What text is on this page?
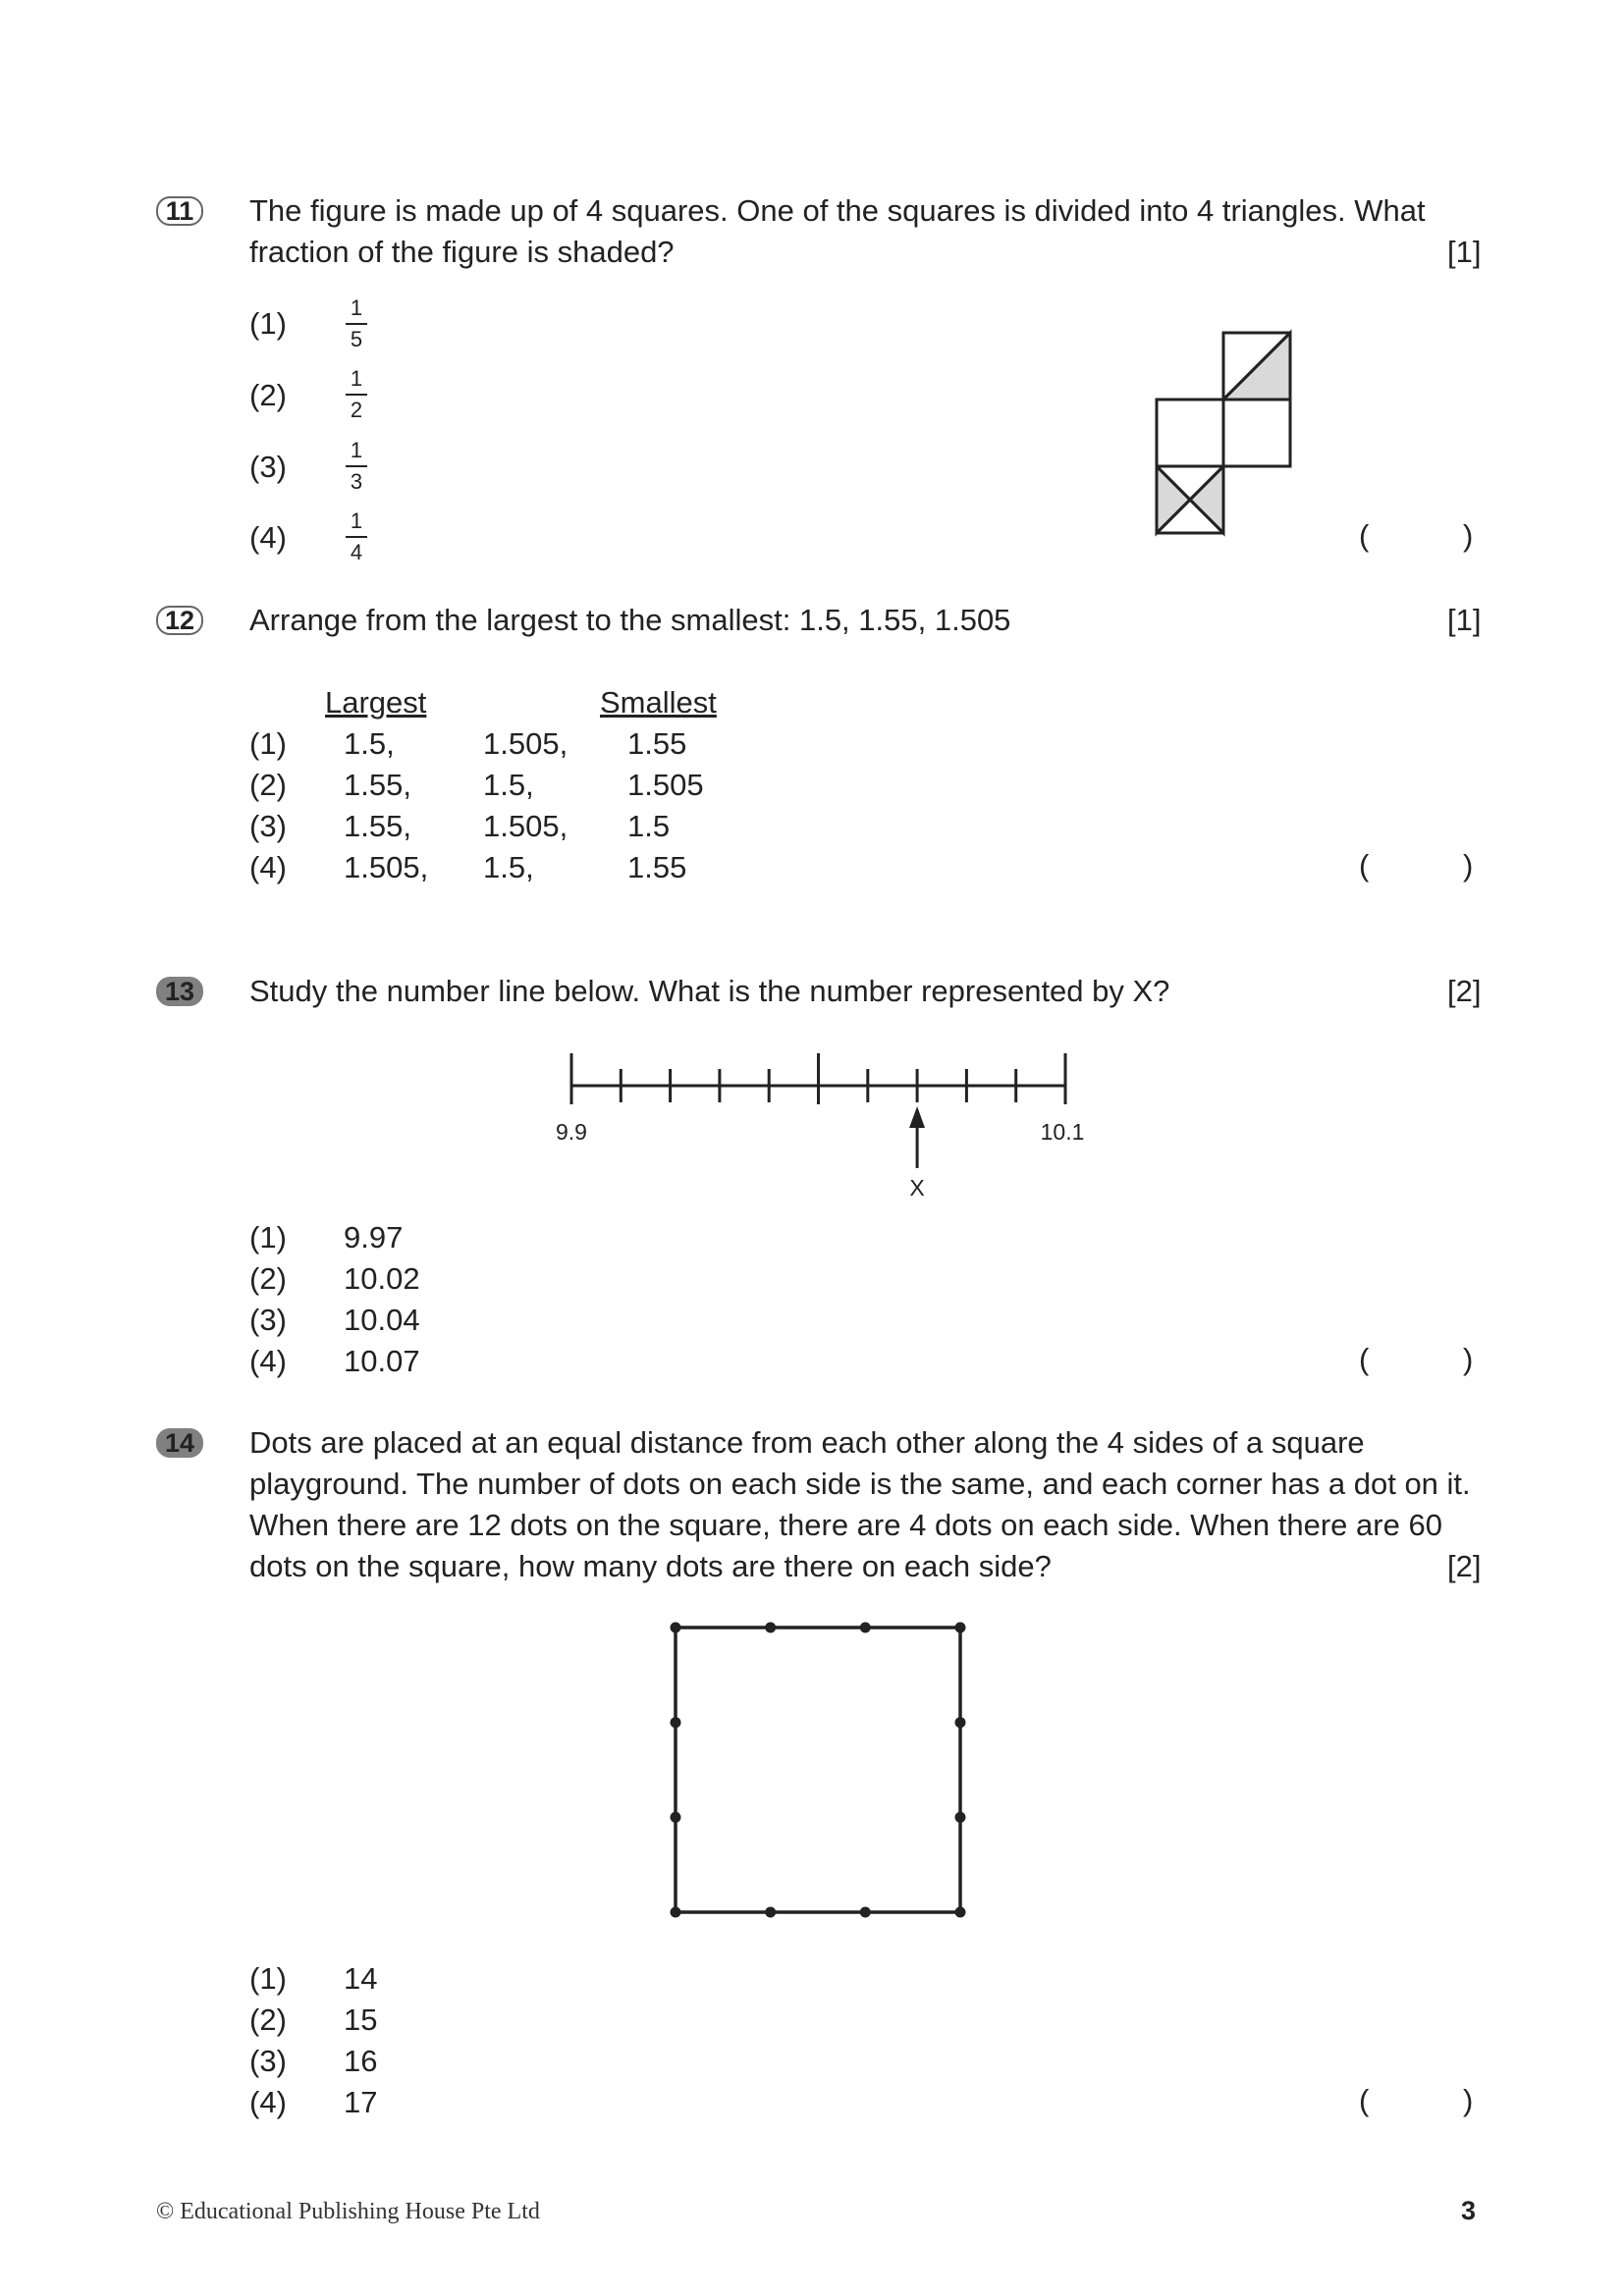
11	The figure is made up of 4 squares. One of the squares is divided into 4 triangles. What
fraction of the figure is shaded?	[1]
(1)	1
5
(2)	1
2
(3)	1
3
(4)	1
4	(	)
12 Arrange from the largest to the smallest: 1.5, 1.55, 1.505	[1]
Largest	Smallest
(1) 1.5,	1.505, 1.55
(2) 1.55, 1.5,	1.505
(3) 1.55, 1.505, 1.5
(4) 1.505, 1.5,	1.55	(	)
13 Study the number line below. What is the number represented by X?	[2]
9.9	10.1
X
(1) 9.97
(2) 10.02
(3) 10.04
(4) 10.07	(	)
14 Dots are placed at an equal distance from each other along the 4 sides of a square
playground. The number of dots on each side is the same, and each corner has a dot on it.
When there are 12 dots on the square, there are 4 dots on each side. When there are 60
dots on the square, how many dots are there on each side?	[2]
(1) 14
(2) 15
(3) 16
(4) 17	(	)
© Educational Publishing House Pte Ltd	3
